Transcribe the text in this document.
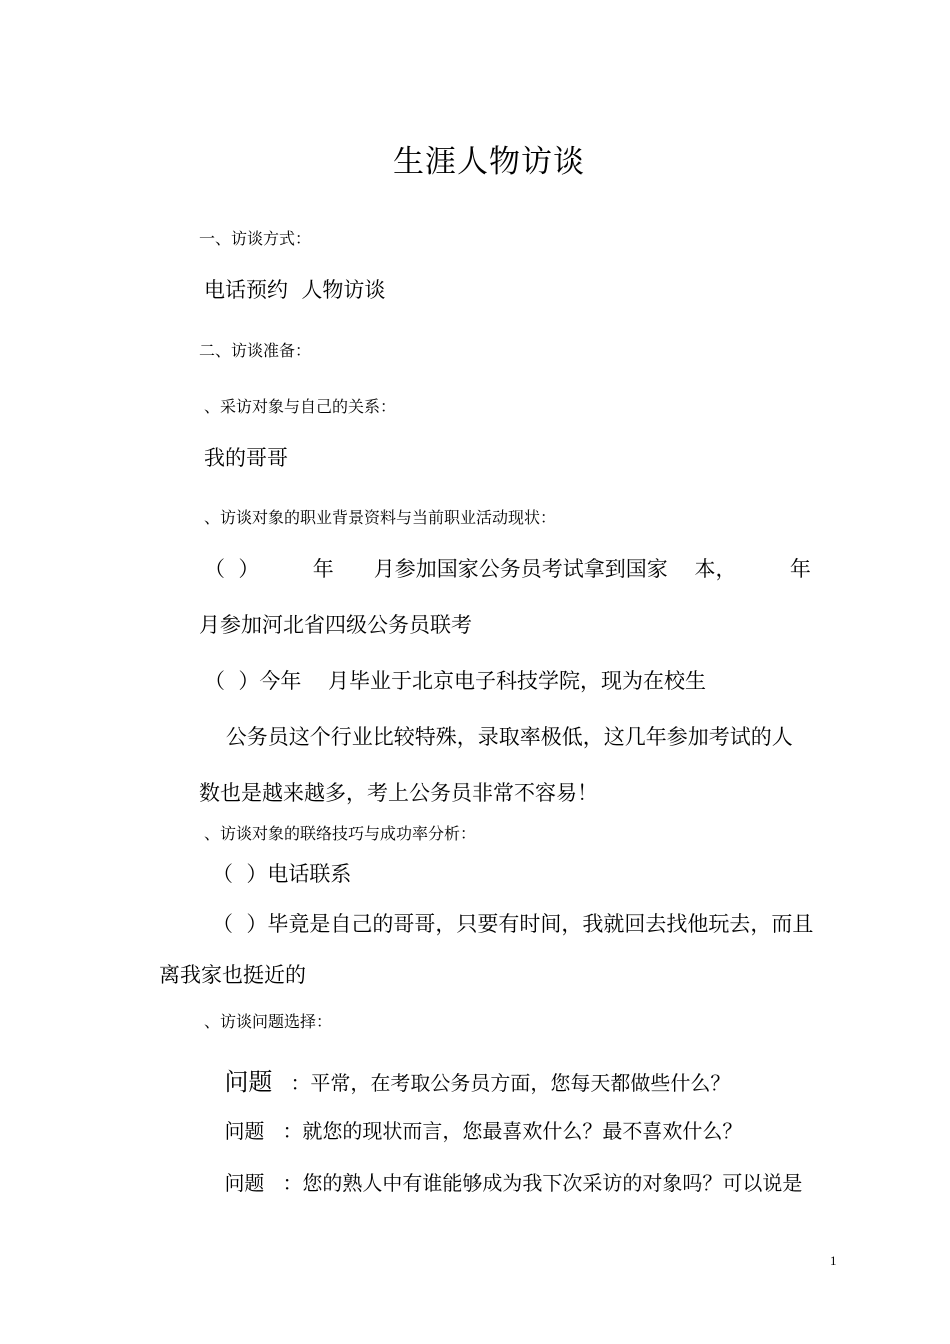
生涯人物访谈
一、访谈方式：
电话预约  人物访谈
二、访谈准备：
、采访对象与自己的关系：
我的哥哥
、访谈对象的职业背景资料与当前职业活动现状：
（  ）        年      月参加国家公务员考试拿到国家    本，        年
月参加河北省四级公务员联考
（  ）今年    月毕业于北京电子科技学院，现为在校生
公务员这个行业比较特殊，录取率极低，这几年参加考试的人
数也是越来越多，考上公务员非常不容易！
、访谈对象的联络技巧与成功率分析：
（  ）电话联系
（  ）毕竟是自己的哥哥，只要有时间，我就回去找他玩去，而且
离我家也挺近的
、访谈问题选择：

问题 ：平常，在考取公务员方面，您每天都做些什么？

问题 ：就您的现状而言，您最喜欢什么？最不喜欢什么？

问题 ：您的熟人中有谁能够成为我下次采访的对象吗？可以说是

1
